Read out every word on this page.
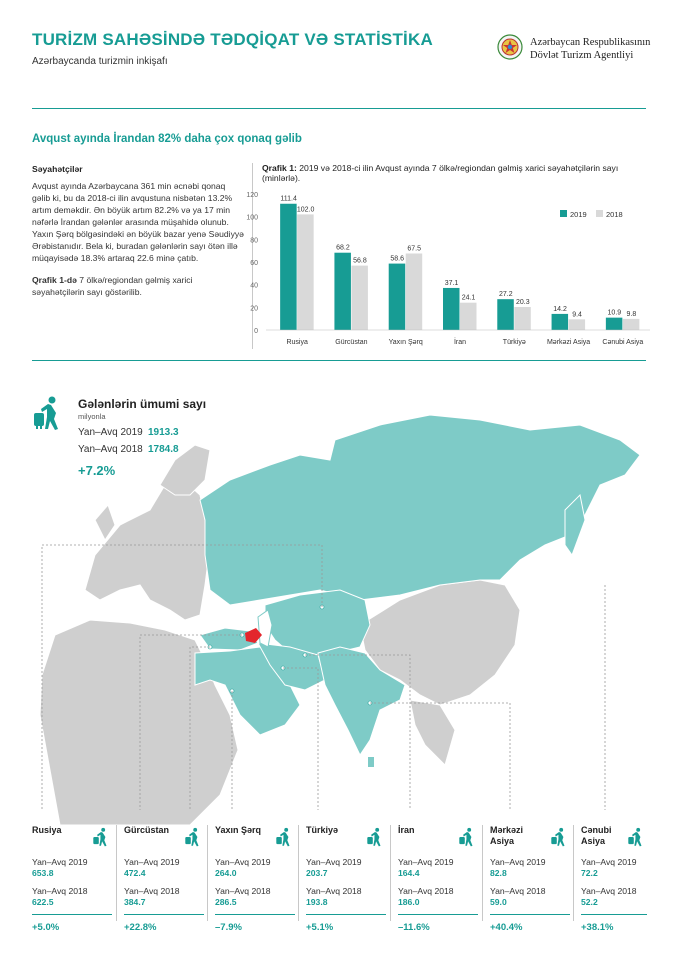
TURİZM SAHƏSİNDƏ TƏDQİQAT VƏ STATİSTİKA
Azərbaycanda turizmin inkişafı
Azərbaycan Respublikasının
Dövlət Turizm Agentliyi
Avqust ayında İrandan 82% daha çox qonaq gəlib
Səyahətçilər
Avqust ayında Azərbaycana 361 min əcnəbi qonaq gəlib ki, bu da 2018-ci ilin avqustuna nisbətən 13.2% artım deməkdir. Ən böyük artım 82.2% və ya 17 min nəfərlə İrandan gələnlər arasında müşahidə olunub. Yaxın Şərq bölgəsindəki ən böyük bazar yenə Səudiyyə Ərəbistanıdır. Bela ki, buradan gələnlərin sayı ötən illə müqayisədə 18.3% artaraq 22.6 minə çatıb.
Qrafik 1-də 7 ölkə/regiondan gəlmiş xarici səyahətçilərin sayı göstərilib.
Qrafik 1: 2019 və 2018-ci ilin Avqust ayında 7 ölkə/regiondan gəlmiş xarici səyahətçilərin sayı (minlərlə).
0
20
40
60
80
100
120
111.4
102.0
Rusiya
68.2
56.8
Gürcüstan
58.6
67.5
Yaxın Şərq
37.1
24.1
İran
27.2
20.3
Türkiyə
14.2
9.4
Mərkəzi Asiya
10.9 9.8
Cənubi Asiya
2019	2018
Gələnlərin ümumi sayı
milyonla
Yan–Avq 2019 1913.3
Yan–Avq 2018 1784.8
+7.2%
Rusiya
Yan–Avq 2019
653.8
Yan–Avq 2018
622.5
+5.0%
Gürcüstan
Yan–Avq 2019
472.4
Yan–Avq 2018
384.7
+22.8%
Yaxın Şərq
Yan–Avq 2019
264.0
Yan–Avq 2018
286.5
–7.9%
Türkiyə
Yan–Avq 2019
203.7
Yan–Avq 2018
193.8
+5.1%
İran
Yan–Avq 2019
164.4
Yan–Avq 2018
186.0
–11.6%
Mərkəzi Asiya
Yan–Avq 2019
82.8
Yan–Avq 2018
59.0
+40.4%
Cənubi Asiya
Yan–Avq 2019
72.2
Yan–Avq 2018
52.2
+38.1%
